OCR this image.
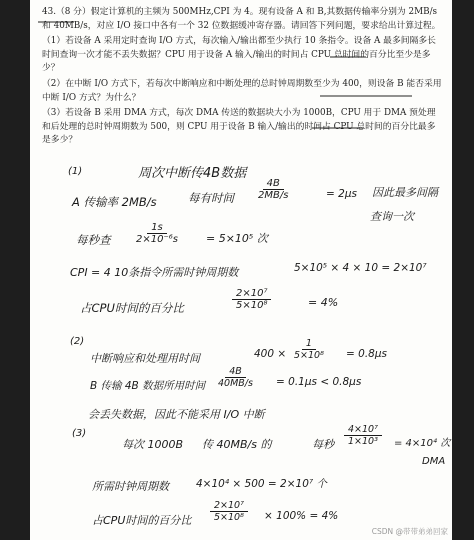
43.（8 分）假定计算机的主频为 500MHz,CPI 为 4。现有设备 A 和 B,其数据传输率分别为 2MB/s 和 40MB/s，对应 I/O 接口中各有一个 32 位数据缓冲寄存器。请回答下列问题，要求给出计算过程。

（1）若设备 A 采用定时查询 I/O 方式，每次输入/输出都至少执行 10 条指令。设备 A 最多间隔多长时间查询一次才能不丢失数据？CPU 用于设备 A 输入/输出的时间占 CPU 总时间的百分比至少是多少？

（2）在中断 I/O 方式下，若每次中断响应和中断处理的总时钟周期数至少为 400，则设备 B 能否采用中断 I/O 方式？为什么？

（3）若设备 B 采用 DMA 方式，每次 DMA 传送的数据块大小为 1000B，CPU 用于 DMA 预处理和后处理的总时钟周期数为 500，则 CPU 用于设备 B 输入/输出的时间占 CPU 总时间的百分比最多是多少？

(1)	周次中断传4B数据
A 传输率 2MB/s	每有时间 $\frac{4B}{2MB/s}$	= 2μs 因此最多间隔
查询一次
每秒查	$\frac{1s}{\text{2×10⁻⁶s}}$	= 5×10⁵ 次
CPI = 4 10条指令所需时钟周期数	5×10⁵ × 4 × 10 = 2×10⁷
占CPU时间的百分比	$\frac{\text{2×10⁷}}{\text{5×10⁸}}$	= 4%
(2)
中断响应和处理用时间	$400 \times \frac{1}{\text{5×10⁸}} = 0.8\mu s$
B 传输 4B 数据所用时间 $\frac{4B}{40MB/s} = 0.1\mu s < 0.8\mu s$
会丢失数据，因此不能采用 I/O 中断
(3)
每次 1000B 传 40MB/s 的	每秒 $\frac{\text{4×10⁷}}{\text{1×10³}} = 4\times 10^4$ 次
DMA
所需时钟周期数	4×10⁴ × 500 = 2×10⁷ 个
占CPU时间的百分比 $\frac{\text{2×10⁷}}{\text{5×10⁸}} \times 100\% = 4\%$
CSDN @带带弟弟回家
